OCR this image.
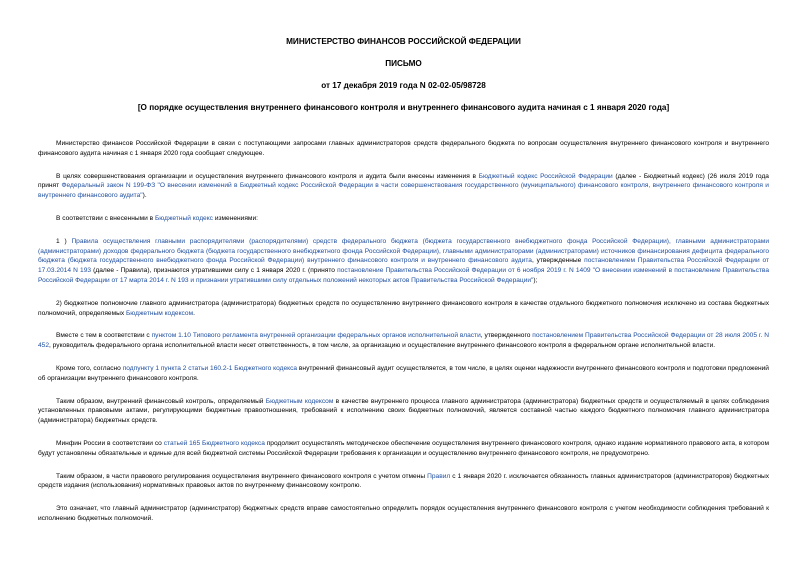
МИНИСТЕРСТВО ФИНАНСОВ РОССИЙСКОЙ ФЕДЕРАЦИИ

ПИСЬМО

от 17 декабря 2019 года N 02-02-05/98728

[О порядке осуществления внутреннего финансового контроля и внутреннего финансового аудита начиная с 1 января 2020 года]

Министерство финансов Российской Федерации в связи с поступающими запросами главных администраторов средств федерального бюджета по вопросам осуществления внутреннего финансового контроля и внутреннего финансового аудита начиная с 1 января 2020 года сообщает следующее.

В целях совершенствования организации и осуществления внутреннего финансового контроля и аудита были внесены изменения в Бюджетный кодекс Российской Федерации (далее - Бюджетный кодекс) (26 июля 2019 года принят Федеральный закон N 199-ФЗ "О внесении изменений в Бюджетный кодекс Российской Федерации в части совершенствования государственного (муниципального) финансового контроля, внутреннего финансового контроля и внутреннего финансового аудита").

В соответствии с внесенными в Бюджетный кодекс изменениями:

1 ) Правила осуществления главными распорядителями (распорядителями) средств федерального бюджета (бюджета государственного внебюджетного фонда Российской Федерации), главными администраторами (администраторами) доходов федерального бюджета (бюджета государственного внебюджетного фонда Российской Федерации), главными администраторами (администраторами) источников финансирования дефицита федерального бюджета (бюджета государственного внебюджетного фонда Российской Федерации) внутреннего финансового контроля и внутреннего финансового аудита, утвержденные постановлением Правительства Российской Федерации от 17.03.2014 N 193 (далее - Правила), признаются утратившими силу с 1 января 2020 г. (принято постановление Правительства Российской Федерации от 6 ноября 2019 г. N 1409 "О внесении изменений в постановление Правительства Российской Федерации от 17 марта 2014 г. N 193 и признании утратившими силу отдельных положений некоторых актов Правительства Российской Федерации");

2) бюджетное полномочие главного администратора (администратора) бюджетных средств по осуществлению внутреннего финансового контроля в качестве отдельного бюджетного полномочия исключено из состава бюджетных полномочий, определяемых Бюджетным кодексом.

Вместе с тем в соответствии с пунктом 1.10 Типового регламента внутренней организации федеральных органов исполнительной власти, утвержденного постановлением Правительства Российской Федерации от 28 июля 2005 г. N 452, руководитель федерального органа исполнительной власти несет ответственность, в том числе, за организацию и осуществление внутреннего финансового контроля в федеральном органе исполнительной власти.

Кроме того, согласно подпункту 1 пункта 2 статьи 160.2-1 Бюджетного кодекса внутренний финансовый аудит осуществляется, в том числе, в целях оценки надежности внутреннего финансового контроля и подготовки предложений об организации внутреннего финансового контроля.

Таким образом, внутренний финансовый контроль, определяемый Бюджетным кодексом в качестве внутреннего процесса главного администратора (администратора) бюджетных средств и осуществляемый в целях соблюдения установленных правовыми актами, регулирующими бюджетные правоотношения, требований к исполнению своих бюджетных полномочий, является составной частью каждого бюджетного полномочия главного администратора (администратора) бюджетных средств.

Минфин России в соответствии со статьей 165 Бюджетного кодекса продолжит осуществлять методическое обеспечение осуществления внутреннего финансового контроля, однако издание нормативного правового акта, в котором будут установлены обязательные и единые для всей бюджетной системы Российской Федерации требования к организации и осуществлению внутреннего финансового контроля, не предусмотрено.

Таким образом, в части правового регулирования осуществления внутреннего финансового контроля с учетом отмены Правил с 1 января 2020 г. исключается обязанность главных администраторов (администраторов) бюджетных средств издания (использования) нормативных правовых актов по внутреннему финансовому контролю.

Это означает, что главный администратор (администратор) бюджетных средств вправе самостоятельно определить порядок осуществления внутреннего финансового контроля с учетом необходимости соблюдения требований к исполнению бюджетных полномочий.
